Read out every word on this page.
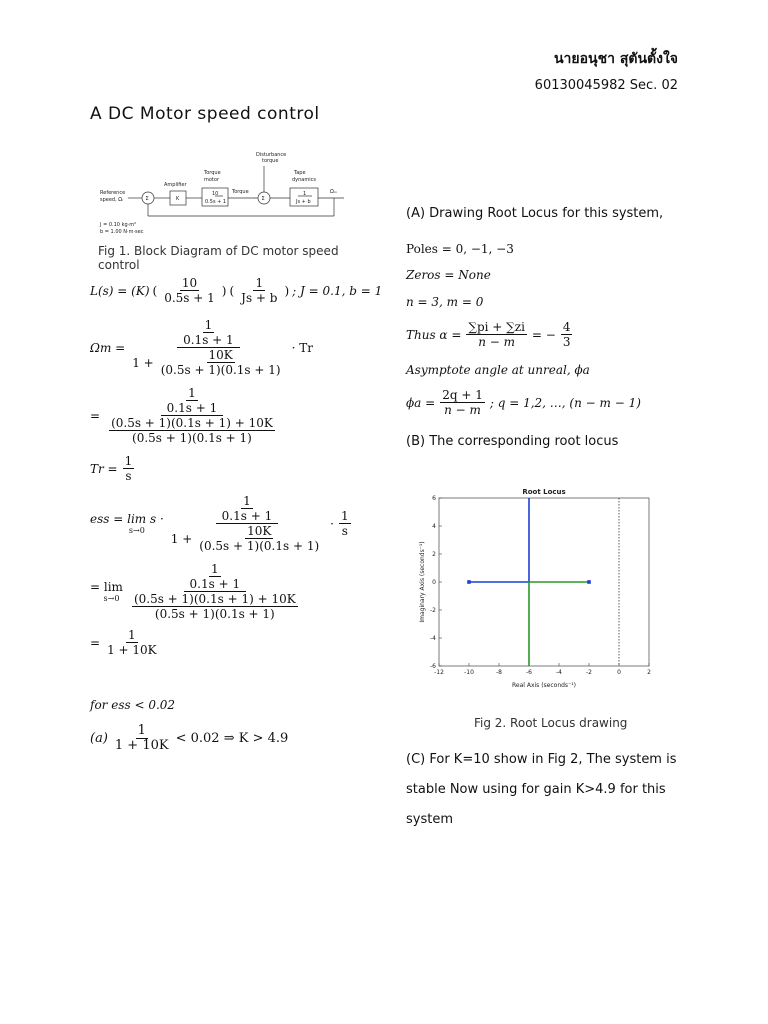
นายอนุชา สุตันตั้งใจ
60130045982 Sec. 02
A DC Motor speed control
Reference
speed, Ωᵣ
Amplifier
Torque
motor
Torque
Disturbance
torque
Tape
dynamics
Ωₘ
J = 0.10 kg·m²
b = 1.00 N·m·sec
Σ	Σ
K
10
0.5s + 1
1
Js + b
Fig 1. Block Diagram of DC motor speed control
L(s) = (K) ( $\frac{10}{0.5s + 1}$ ) ( $\frac{1}{Js + b}$ ) ; J = 0.1, b = 1
$\Omega m = \frac{\frac{1}{0.1s + 1}}{1 + \frac{10K}{(0.5s + 1)(0.1s + 1)}} \cdot Tr$
= $\frac{\frac{1}{0.1s + 1}}{\frac{(0.5s + 1)(0.1s + 1) + 10K}{(0.5s + 1)(0.1s + 1)}}$
$Tr = \frac{1}{s}$
ess = lim s ·
$s\to 0 \frac{\frac{1}{0.1s + 1}}{1 + \frac{10K}{(0.5s + 1)(0.1s + 1)}} \cdot \frac{1}{s}$
= lim
$s\to 0 \frac{\frac{1}{0.1s + 1}}{\frac{(0.5s + 1)(0.1s + 1) + 10K}{(0.5s + 1)(0.1s + 1)}}$
= $\frac{1}{1 + 10K}$
for ess < 0.02
$(a) \frac{1}{1 + 10K} < 0.02$ ⇒ K > 4.9
(A) Drawing Root Locus for this system,
Poles = 0, −1, −3
Zeros = None
n = 3, m = 0
Thus $\alpha = \frac{\sum pi + \sum zi}{n - m}$ = − $\frac{4}{3}$
Asymptote angle at unreal, ϕa
$\phi a = \frac{2q + 1}{n - m}$ ; q = 1,2, …, (n − m − 1)
(B) The corresponding root locus
Root Locus
-12	-10	-8	-6	-4	-2	0	2
-6
-4
-2
0
2
4
6
Real Axis (seconds⁻¹)
Imaginary Axis (seconds⁻¹)
Fig 2. Root Locus drawing
(C) For K=10 show in Fig 2, The system is
stable Now using for gain K>4.9 for this
system
